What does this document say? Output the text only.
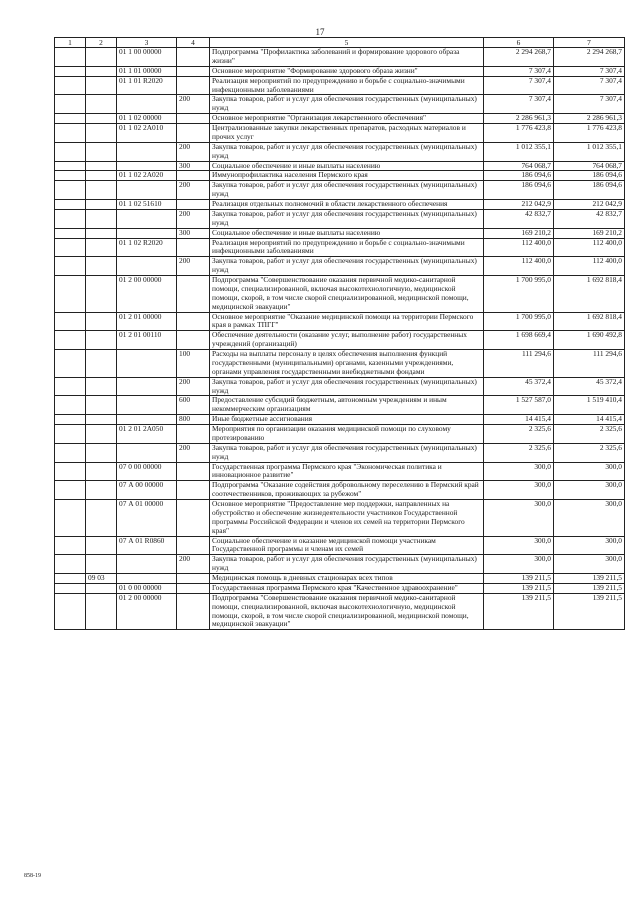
17
1	2	3	4	5	6	7
		01 1 00 00000		Подпрограмма "Профилактика заболеваний и формирование здорового образа жизни"	2 294 268,7	2 294 268,7
		01 1 01 00000		Основное мероприятие "Формирование здорового образа жизни"	7 307,4	7 307,4
		01 1 01 R2020		Реализация мероприятий по предупреждению и борьбе с социально-значимыми инфекционными заболеваниями	7 307,4	7 307,4
			200	Закупка товаров, работ и услуг для обеспечения государственных (муниципальных) нужд	7 307,4	7 307,4
		01 1 02 00000		Основное мероприятие "Организация лекарственного обеспечения"	2 286 961,3	2 286 961,3
		01 1 02 2А010		Централизованные закупки лекарственных препаратов, расходных материалов и прочих услуг	1 776 423,8	1 776 423,8
			200	Закупка товаров, работ и услуг для обеспечения государственных (муниципальных) нужд	1 012 355,1	1 012 355,1
			300	Социальное обеспечение и иные выплаты населению	764 068,7	764 068,7
		01 1 02 2А020		Иммунопрофилактика населения Пермского края	186 094,6	186 094,6
			200	Закупка товаров, работ и услуг для обеспечения государственных (муниципальных) нужд	186 094,6	186 094,6
		01 1 02 51610		Реализация отдельных полномочий в области лекарственного обеспечения	212 042,9	212 042,9
			200	Закупка товаров, работ и услуг для обеспечения государственных (муниципальных) нужд	42 832,7	42 832,7
			300	Социальное обеспечение и иные выплаты населению	169 210,2	169 210,2
		01 1 02 R2020		Реализация мероприятий по предупреждению и борьбе с социально-значимыми инфекционными заболеваниями	112 400,0	112 400,0
			200	Закупка товаров, работ и услуг для обеспечения государственных (муниципальных) нужд	112 400,0	112 400,0
		01 2 00 00000		Подпрограмма "Совершенствование оказания первичной медико-санитарной помощи, специализированной, включая высокотехнологичную, медицинской помощи, скорой, в том числе скорой специализированной, медицинской помощи, медицинской эвакуации"	1 700 995,0	1 692 818,4
		01 2 01 00000		Основное мероприятие "Оказание медицинской помощи на территории Пермского края в рамках ТПГГ"	1 700 995,0	1 692 818,4
		01 2 01 00110		Обеспечение деятельности (оказание услуг, выполнение работ) государственных учреждений (организаций)	1 698 669,4	1 690 492,8
			100	Расходы на выплаты персоналу в целях обеспечения выполнения функций государственными (муниципальными) органами, казенными учреждениями, органами управления государственными внебюджетными фондами	111 294,6	111 294,6
			200	Закупка товаров, работ и услуг для обеспечения государственных (муниципальных) нужд	45 372,4	45 372,4
			600	Предоставление субсидий бюджетным, автономным учреждениям и иным некоммерческим организациям	1 527 587,0	1 519 410,4
			800	Иные бюджетные ассигнования	14 415,4	14 415,4
		01 2 01 2А050		Мероприятия по организации оказания медицинской помощи по слуховому протезированию	2 325,6	2 325,6
			200	Закупка товаров, работ и услуг для обеспечения государственных (муниципальных) нужд	2 325,6	2 325,6
		07 0 00 00000		Государственная программа Пермского края "Экономическая политика и инновационное развитие"	300,0	300,0
		07 А 00 00000		Подпрограмма "Оказание содействия добровольному переселению в Пермский край соотечественников, проживающих за рубежом"	300,0	300,0
		07 А 01 00000		Основное мероприятие "Предоставление мер поддержки, направленных на обустройство и обеспечение жизнедеятельности участников Государственной программы Российской Федерации и членов их семей на территории Пермского края"	300,0	300,0
		07 А 01 R0860		Социальное обеспечение и оказание медицинской помощи участникам Государственной программы и членам их семей	300,0	300,0
			200	Закупка товаров, работ и услуг для обеспечения государственных (муниципальных) нужд	300,0	300,0
	09 03			Медицинская помощь в дневных стационарах всех типов	139 211,5	139 211,5
		01 0 00 00000		Государственная программа Пермского края "Качественное здравоохранение"	139 211,5	139 211,5
		01 2 00 00000		Подпрограмма "Совершенствование оказания первичной медико-санитарной помощи, специализированной, включая высокотехнологичную, медицинской помощи, скорой, в том числе скорой специализированной, медицинской помощи, медицинской эвакуации"	139 211,5	139 211,5
858-19
